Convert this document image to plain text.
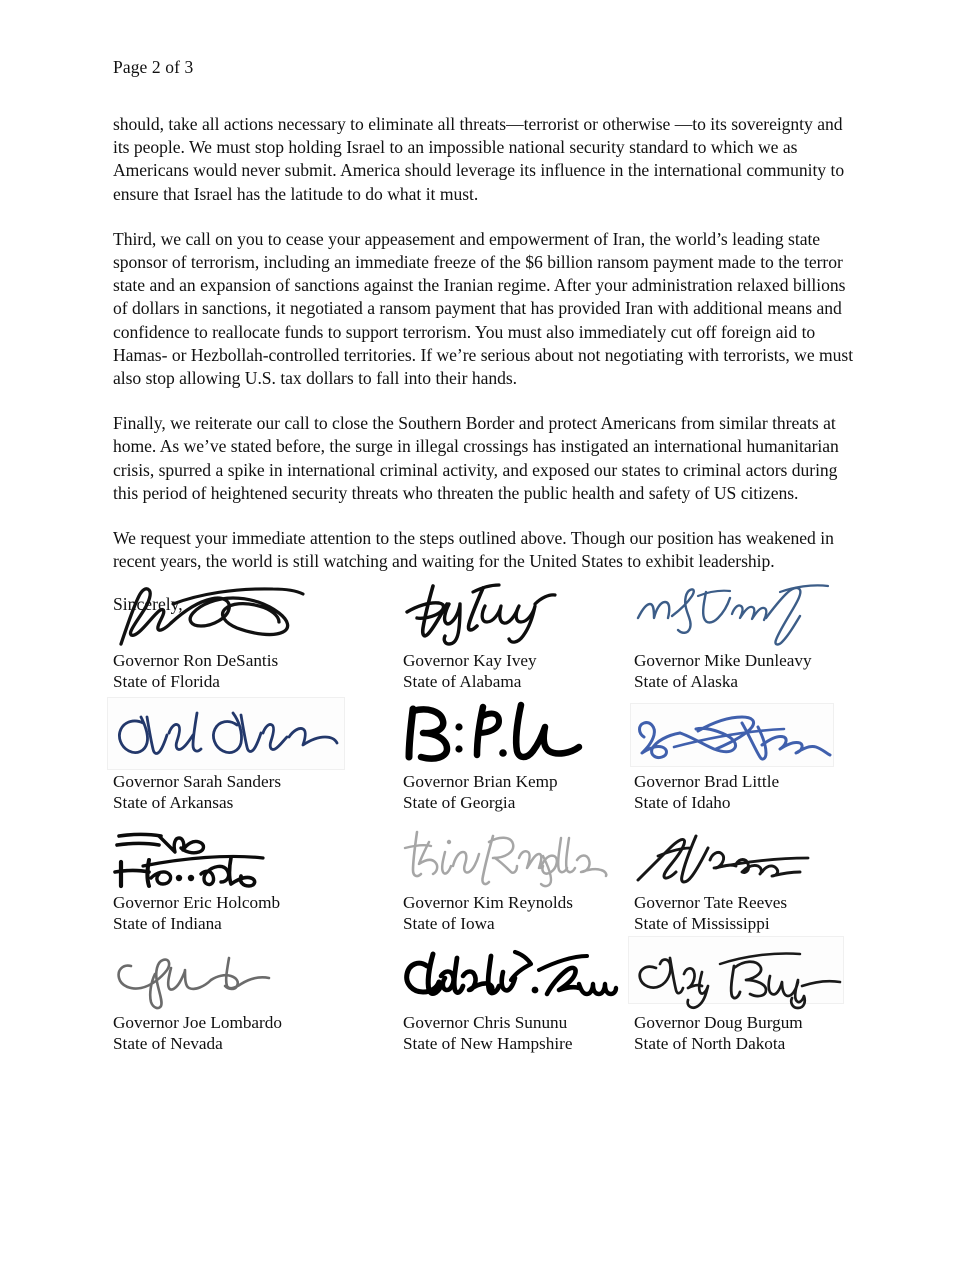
Page 2 of 3

should, take all actions necessary to eliminate all threats—terrorist or otherwise —to its sovereignty and its people. We must stop holding Israel to an impossible national security standard to which we as Americans would never submit. America should leverage its influence in the international community to ensure that Israel has the latitude to do what it must.

Third, we call on you to cease your appeasement and empowerment of Iran, the world’s leading state sponsor of terrorism, including an immediate freeze of the $6 billion ransom payment made to the terror state and an expansion of sanctions against the Iranian regime. After your administration relaxed billions of dollars in sanctions, it negotiated a ransom payment that has provided Iran with additional means and confidence to reallocate funds to support terrorism. You must also immediately cut off foreign aid to Hamas- or Hezbollah-controlled territories. If we’re serious about not negotiating with terrorists, we must also stop allowing U.S. tax dollars to fall into their hands.

Finally, we reiterate our call to close the Southern Border and protect Americans from similar threats at home. As we’ve stated before, the surge in illegal crossings has instigated an international humanitarian crisis, spurred a spike in international criminal activity, and exposed our states to criminal actors during this period of heightened security threats who threaten the public health and safety of US citizens.

We request your immediate attention to the steps outlined above. Though our position has weakened in recent years, the world is still watching and waiting for the United States to exhibit leadership.

Sincerely,

Governor Ron DeSantis
State of Florida
Governor Kay Ivey
State of Alabama
Governor Mike Dunleavy
State of Alaska
Governor Sarah Sanders
State of Arkansas
Governor Brian Kemp
State of Georgia
Governor Brad Little
State of Idaho
Governor Eric Holcomb
State of Indiana
Governor Kim Reynolds
State of Iowa
Governor Tate Reeves
State of Mississippi
Governor Joe Lombardo
State of Nevada
Governor Chris Sununu
State of New Hampshire
Governor Doug Burgum
State of North Dakota
